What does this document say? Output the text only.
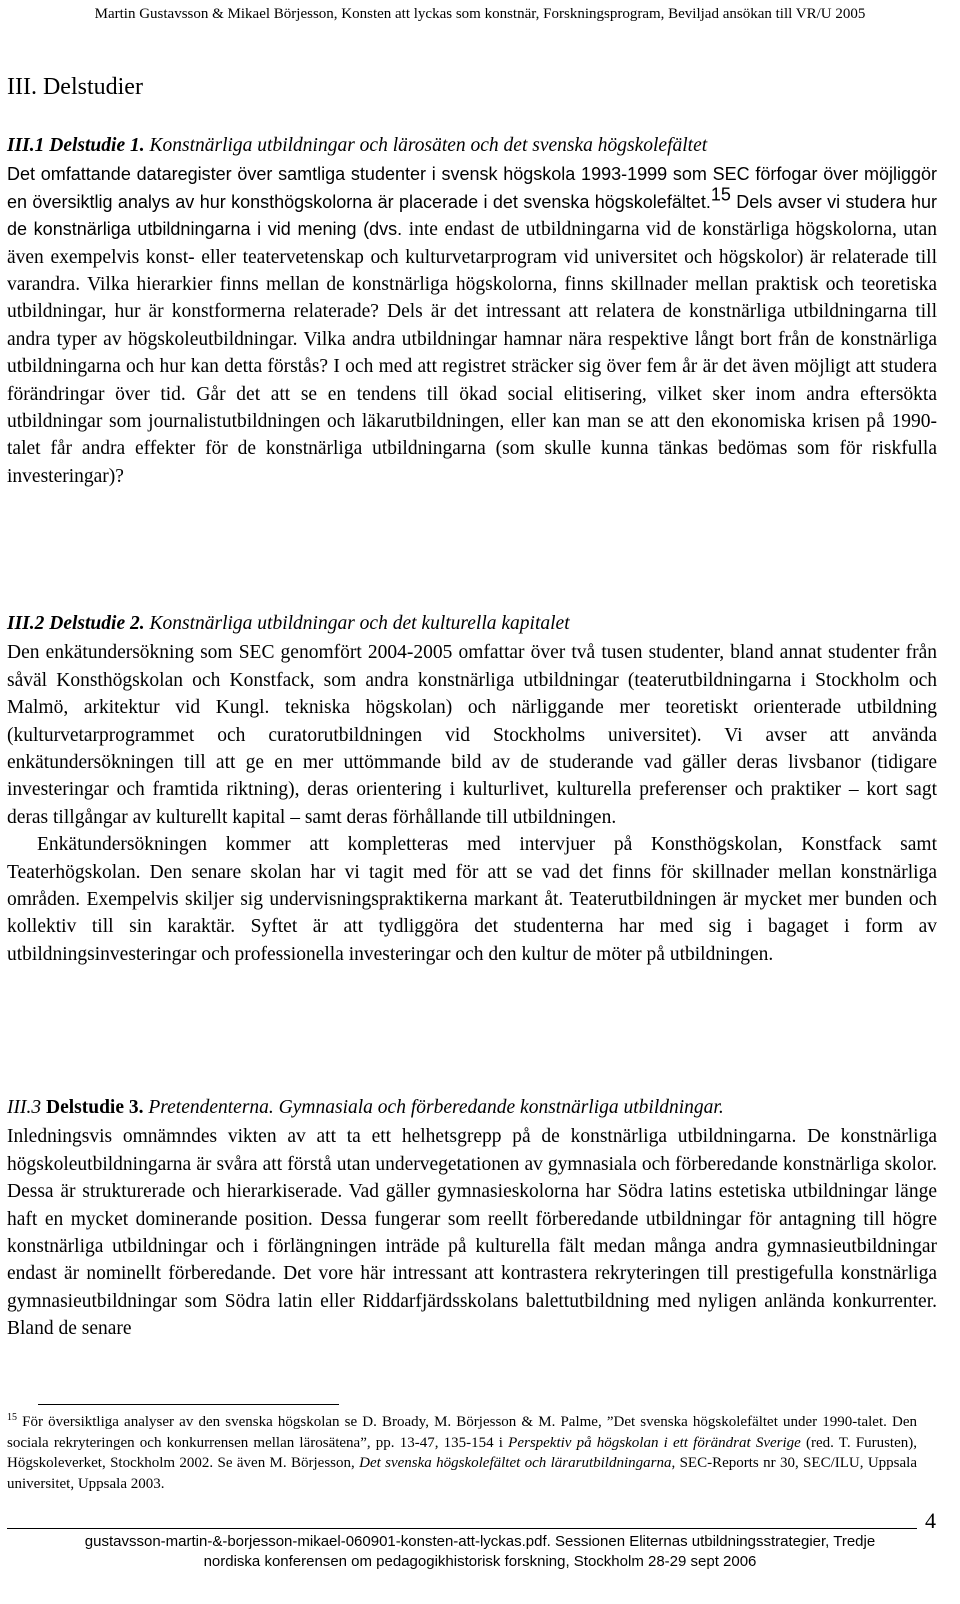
Martin Gustavsson & Mikael Börjesson, Konsten att lyckas som konstnär, Forskningsprogram, Beviljad ansökan till VR/U 2005
III. Delstudier

III.1 Delstudie 1. Konstnärliga utbildningar och lärosäten och det svenska högskolefältet

Det omfattande dataregister över samtliga studenter i svensk högskola 1993-1999 som SEC förfogar över möjliggör en översiktlig analys av hur konsthögskolorna är placerade i det svenska högskolefältet.$^{15}$ Dels avser vi studera hur de konstnärliga utbildningarna i vid mening (dvs. inte endast de utbildningarna vid de konstärliga högskolorna, utan även exempelvis konst- eller teatervetenskap och kulturvetarprogram vid universitet och högskolor) är relaterade till varandra. Vilka hierarkier finns mellan de konstnärliga högskolorna, finns skillnader mellan praktisk och teoretiska utbildningar, hur är konstformerna relaterade? Dels är det intressant att relatera de konstnärliga utbildningarna till andra typer av högskoleutbildningar. Vilka andra utbildningar hamnar nära respektive långt bort från de konstnärliga utbildningarna och hur kan detta förstås? I och med att registret sträcker sig över fem år är det även möjligt att studera förändringar över tid. Går det att se en tendens till ökad social elitisering, vilket sker inom andra eftersökta utbildningar som journalistutbildningen och läkarutbildningen, eller kan man se att den ekonomiska krisen på 1990-talet får andra effekter för de konstnärliga utbildningarna (som skulle kunna tänkas bedömas som för riskfulla investeringar)?

III.2 Delstudie 2. Konstnärliga utbildningar och det kulturella kapitalet

Den enkätundersökning som SEC genomfört 2004-2005 omfattar över två tusen studenter, bland annat studenter från såväl Konsthögskolan och Konstfack, som andra konstnärliga utbildningar (teaterutbildningarna i Stockholm och Malmö, arkitektur vid Kungl. tekniska högskolan) och närliggande mer teoretiskt orienterade utbildning (kulturvetarprogrammet och curatorutbildningen vid Stockholms universitet). Vi avser att använda enkätundersökningen till att ge en mer uttömmande bild av de studerande vad gäller deras livsbanor (tidigare investeringar och framtida riktning), deras orientering i kulturlivet, kulturella preferenser och praktiker – kort sagt deras tillgångar av kulturellt kapital – samt deras förhållande till utbildningen.

Enkätundersökningen kommer att kompletteras med intervjuer på Konsthögskolan, Konstfack samt Teaterhögskolan. Den senare skolan har vi tagit med för att se vad det finns för skillnader mellan konstnärliga områden. Exempelvis skiljer sig undervisningspraktikerna markant åt. Teaterutbildningen är mycket mer bunden och kollektiv till sin karaktär. Syftet är att tydliggöra det studenterna har med sig i bagaget i form av utbildningsinvesteringar och professionella investeringar och den kultur de möter på utbildningen.

III.3 Delstudie 3. Pretendenterna. Gymnasiala och förberedande konstnärliga utbildningar.

Inledningsvis omnämndes vikten av att ta ett helhetsgrepp på de konstnärliga utbildningarna. De konstnärliga högskoleutbildningarna är svåra att förstå utan undervegetationen av gymnasiala och förberedande konstnärliga skolor. Dessa är strukturerade och hierarkiserade. Vad gäller gymnasieskolorna har Södra latins estetiska utbildningar länge haft en mycket dominerande position. Dessa fungerar som reellt förberedande utbildningar för antagning till högre konstnärliga utbildningar och i förlängningen inträde på kulturella fält medan många andra gymnasieutbildningar endast är nominellt förberedande. Det vore här intressant att kontrastera rekryteringen till prestigefulla konstnärliga gymnasieutbildningar som Södra latin eller Riddarfjärdsskolans balettutbildning med nyligen anlända konkurrenter. Bland de senare

$^{15}$ För översiktliga analyser av den svenska högskolan se D. Broady, M. Börjesson & M. Palme, ”Det svenska högskolefältet under 1990-talet. Den sociala rekryteringen och konkurrensen mellan lärosätena”, pp. 13-47, 135-154 i Perspektiv på högskolan i ett förändrat Sverige (red. T. Furusten), Högskoleverket, Stockholm 2002. Se även M. Börjesson, Det svenska högskolefältet och lärarutbildningarna, SEC-Reports nr 30, SEC/ILU, Uppsala universitet, Uppsala 2003.
4
gustavsson-martin-&-borjesson-mikael-060901-konsten-att-lyckas.pdf. Sessionen Eliternas utbildningsstrategier, Tredje
nordiska konferensen om pedagogikhistorisk forskning, Stockholm 28-29 sept 2006
